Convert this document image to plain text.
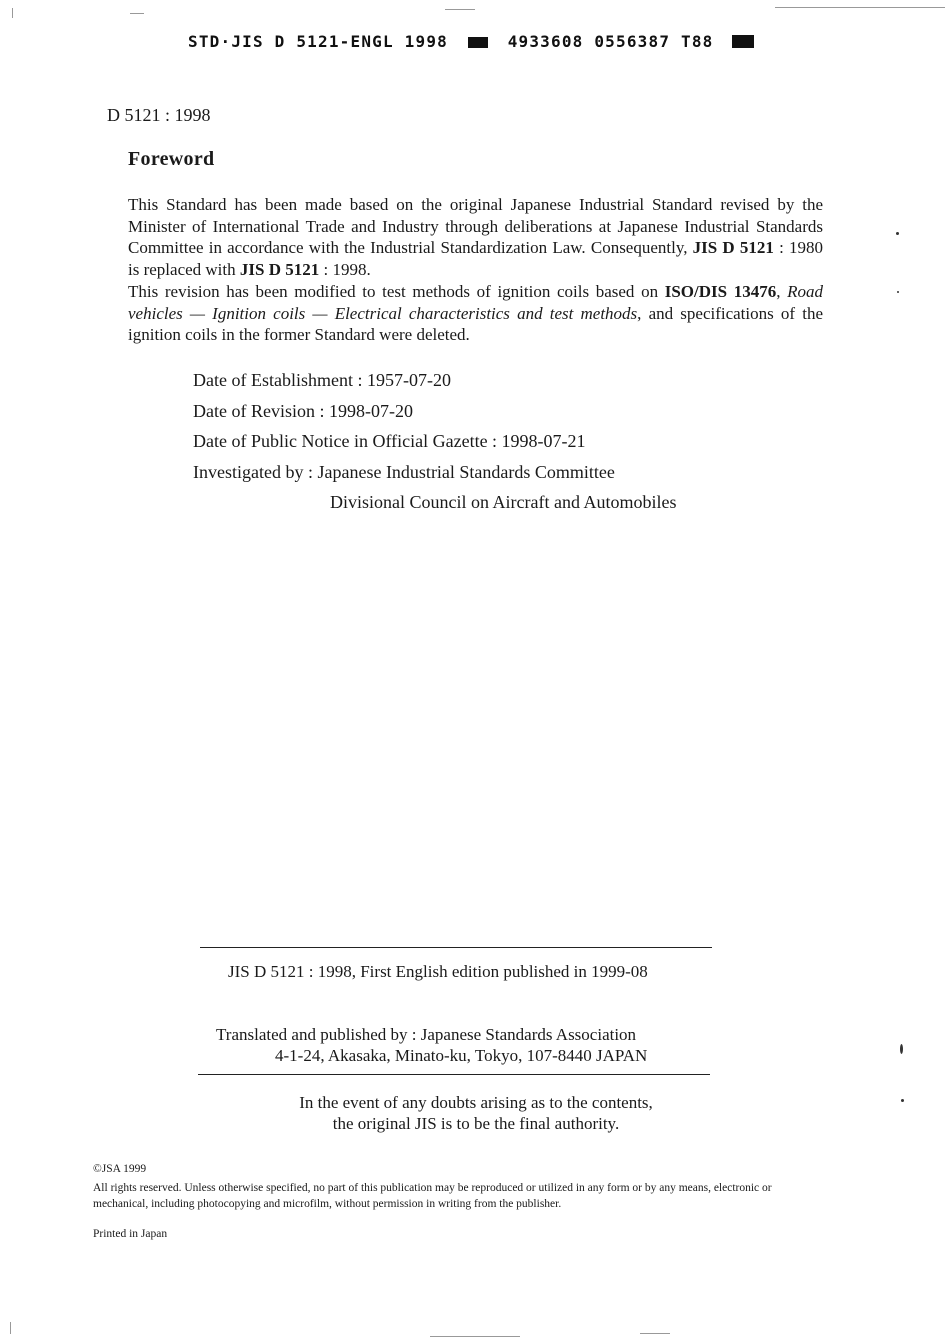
STD·JIS D 5121-ENGL 1998	4933608 0556387 T88
D 5121 : 1998
Foreword
This Standard has been made based on the original Japanese Industrial Standard revised by the Minister of International Trade and Industry through deliberations at Japanese Industrial Standards Committee in accordance with the Industrial Standardization Law. Consequently, JIS D 5121 : 1980 is replaced with JIS D 5121 : 1998.
This revision has been modified to test methods of ignition coils based on ISO/DIS 13476, Road vehicles — Ignition coils — Electrical characteristics and test methods, and specifications of the ignition coils in the former Standard were deleted.
Date of Establishment : 1957-07-20
Date of Revision : 1998-07-20
Date of Public Notice in Official Gazette : 1998-07-21
Investigated by : Japanese Industrial Standards Committee
Divisional Council on Aircraft and Automobiles
JIS D 5121 : 1998, First English edition published in 1999-08
Translated and published by : Japanese Standards Association
4-1-24, Akasaka, Minato-ku, Tokyo, 107-8440 JAPAN
In the event of any doubts arising as to the contents,
the original JIS is to be the final authority.
©JSA 1999
All rights reserved. Unless otherwise specified, no part of this publication may be reproduced or utilized in any form or by any means, electronic or mechanical, including photocopying and microfilm, without permission in writing from the publisher.
Printed in Japan
